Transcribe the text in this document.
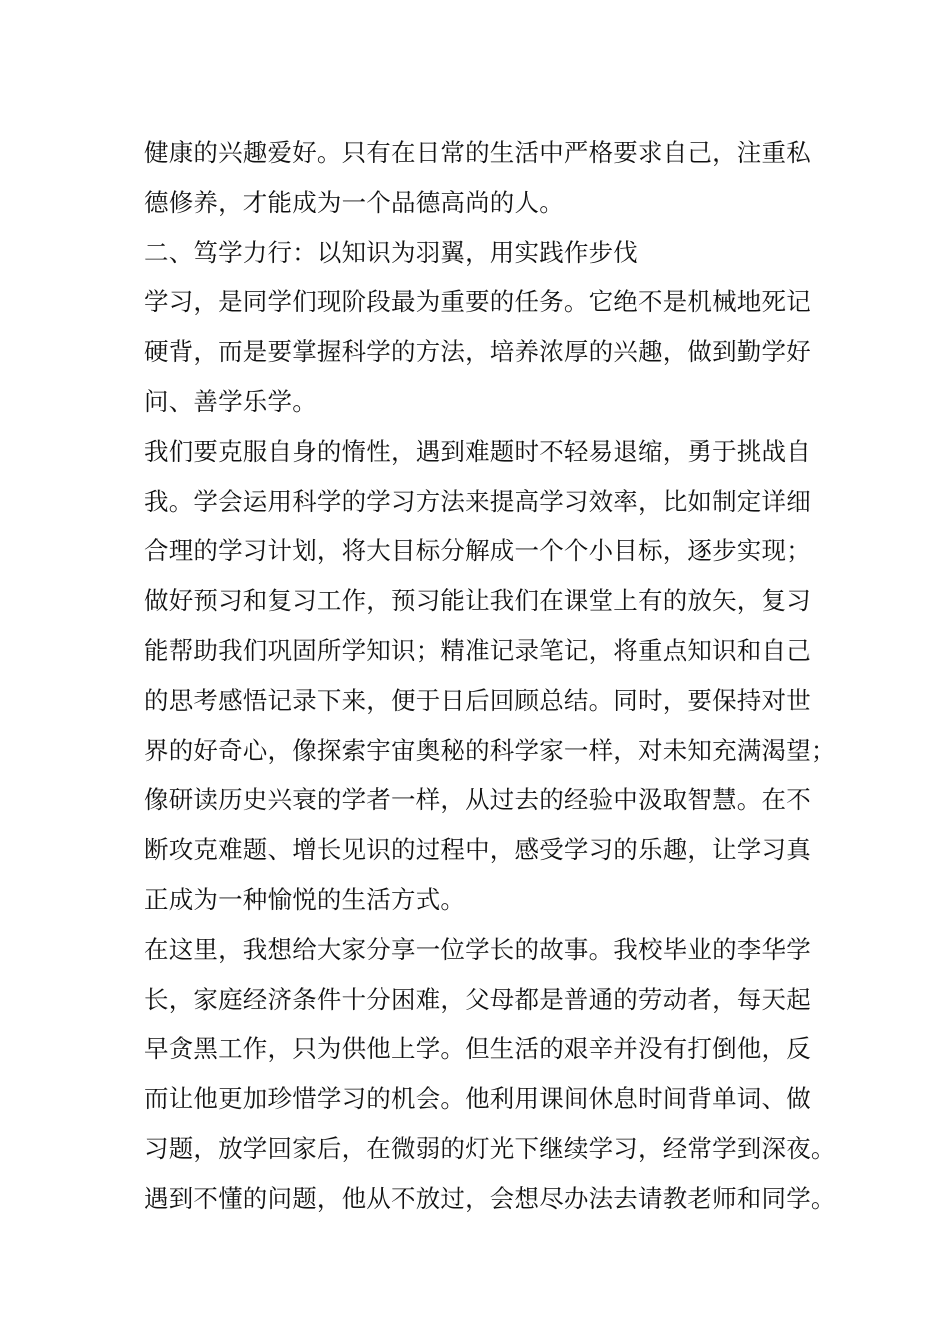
健康的兴趣爱好。只有在日常的生活中严格要求自己，注重私
德修养，才能成为一个品德高尚的人。
二、笃学力行：以知识为羽翼，用实践作步伐
学习，是同学们现阶段最为重要的任务。它绝不是机械地死记
硬背，而是要掌握科学的方法，培养浓厚的兴趣，做到勤学好
问、善学乐学。
我们要克服自身的惰性，遇到难题时不轻易退缩，勇于挑战自
我。学会运用科学的学习方法来提高学习效率，比如制定详细
合理的学习计划，将大目标分解成一个个小目标，逐步实现；
做好预习和复习工作，预习能让我们在课堂上有的放矢，复习
能帮助我们巩固所学知识；精准记录笔记，将重点知识和自己
的思考感悟记录下来，便于日后回顾总结。同时，要保持对世
界的好奇心，像探索宇宙奥秘的科学家一样，对未知充满渴望；
像研读历史兴衰的学者一样，从过去的经验中汲取智慧。在不
断攻克难题、增长见识的过程中，感受学习的乐趣，让学习真
正成为一种愉悦的生活方式。
在这里，我想给大家分享一位学长的故事。我校毕业的李华学
长，家庭经济条件十分困难，父母都是普通的劳动者，每天起
早贪黑工作，只为供他上学。但生活的艰辛并没有打倒他，反
而让他更加珍惜学习的机会。他利用课间休息时间背单词、做
习题，放学回家后，在微弱的灯光下继续学习，经常学到深夜。
遇到不懂的问题，他从不放过，会想尽办法去请教老师和同学。
